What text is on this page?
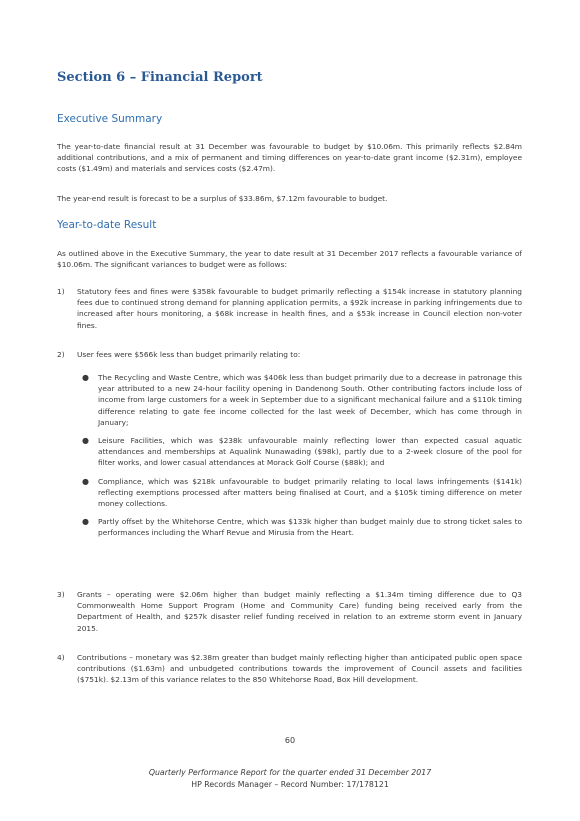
Section 6 – Financial Report
Executive Summary

The year-to-date financial result at 31 December was favourable to budget by $10.06m. This primarily reflects $2.84m additional contributions, and a mix of permanent and timing differences on year-to-date grant income ($2.31m), employee costs ($1.49m) and materials and services costs ($2.47m).

The year-end result is forecast to be a surplus of $33.86m, $7.12m favourable to budget.

Year-to-date Result

As outlined above in the Executive Summary, the year to date result at 31 December 2017 reflects a favourable variance of $10.06m. The significant variances to budget were as follows:

1) Statutory fees and fines were $358k favourable to budget primarily reflecting a $154k increase in statutory planning fees due to continued strong demand for planning application permits, a $92k increase in parking infringements due to increased after hours monitoring, a $68k increase in health fines, and a $53k increase in Council election non-voter fines.

2) User fees were $566k less than budget primarily relating to:

● The Recycling and Waste Centre, which was $406k less than budget primarily due to a decrease in patronage this year attributed to a new 24-hour facility opening in Dandenong South. Other contributing factors include loss of income from large customers for a week in September due to a significant mechanical failure and a $110k timing difference relating to gate fee income collected for the last week of December, which has come through in January;
● Leisure Facilities, which was $238k unfavourable mainly reflecting lower than expected casual aquatic attendances and memberships at Aqualink Nunawading ($98k), partly due to a 2-week closure of the pool for filter works, and lower casual attendances at Morack Golf Course ($88k); and
● Compliance, which was $218k unfavourable to budget primarily relating to local laws infringements ($141k) reflecting exemptions processed after matters being finalised at Court, and a $105k timing difference on meter money collections.
● Partly offset by the Whitehorse Centre, which was $133k higher than budget mainly due to strong ticket sales to performances including the Wharf Revue and Mirusia from the Heart.
3) Grants – operating were $2.06m higher than budget mainly reflecting a $1.34m timing difference due to Q3 Commonwealth Home Support Program (Home and Community Care) funding being received early from the Department of Health, and $257k disaster relief funding received in relation to an extreme storm event in January 2015.

4) Contributions – monetary was $2.38m greater than budget mainly reflecting higher than anticipated public open space contributions ($1.63m) and unbudgeted contributions towards the improvement of Council assets and facilities ($751k). $2.13m of this variance relates to the 850 Whitehorse Road, Box Hill development.

60
Quarterly Performance Report for the quarter ended 31 December 2017
HP Records Manager – Record Number: 17/178121
